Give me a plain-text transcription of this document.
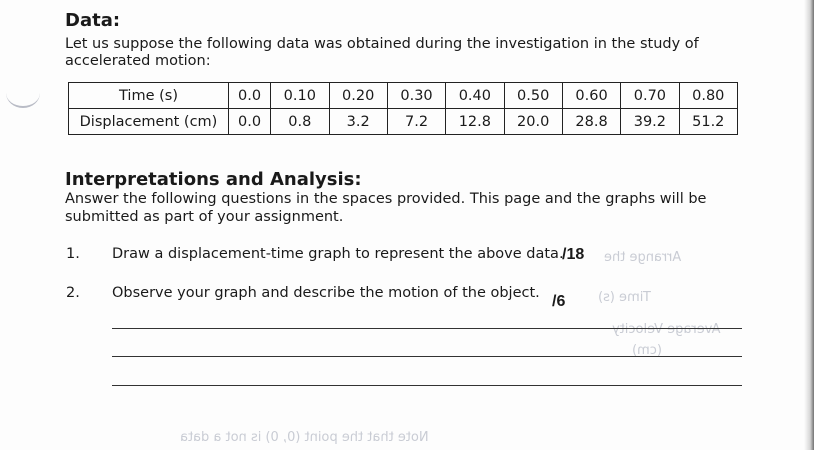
Arrange the
Time (s)
Average Velocity
(cm)
Note that the point (0, 0) is not a data
Data:

Let us suppose the following data was obtained during the investigation in the study of

accelerated motion:

Time (s)	0.0	0.10	0.20	0.30	0.40	0.50	0.60	0.70	0.80
Displacement (cm)	0.0	0.8	3.2	7.2	12.8	20.0	28.8	39.2	51.2
Interpretations and Analysis:

Answer the following questions in the spaces provided. This page and the graphs will be

submitted as part of your assignment.

1. Draw a displacement-time graph to represent the above data.
/18
2. Observe your graph and describe the motion of the object. /6
